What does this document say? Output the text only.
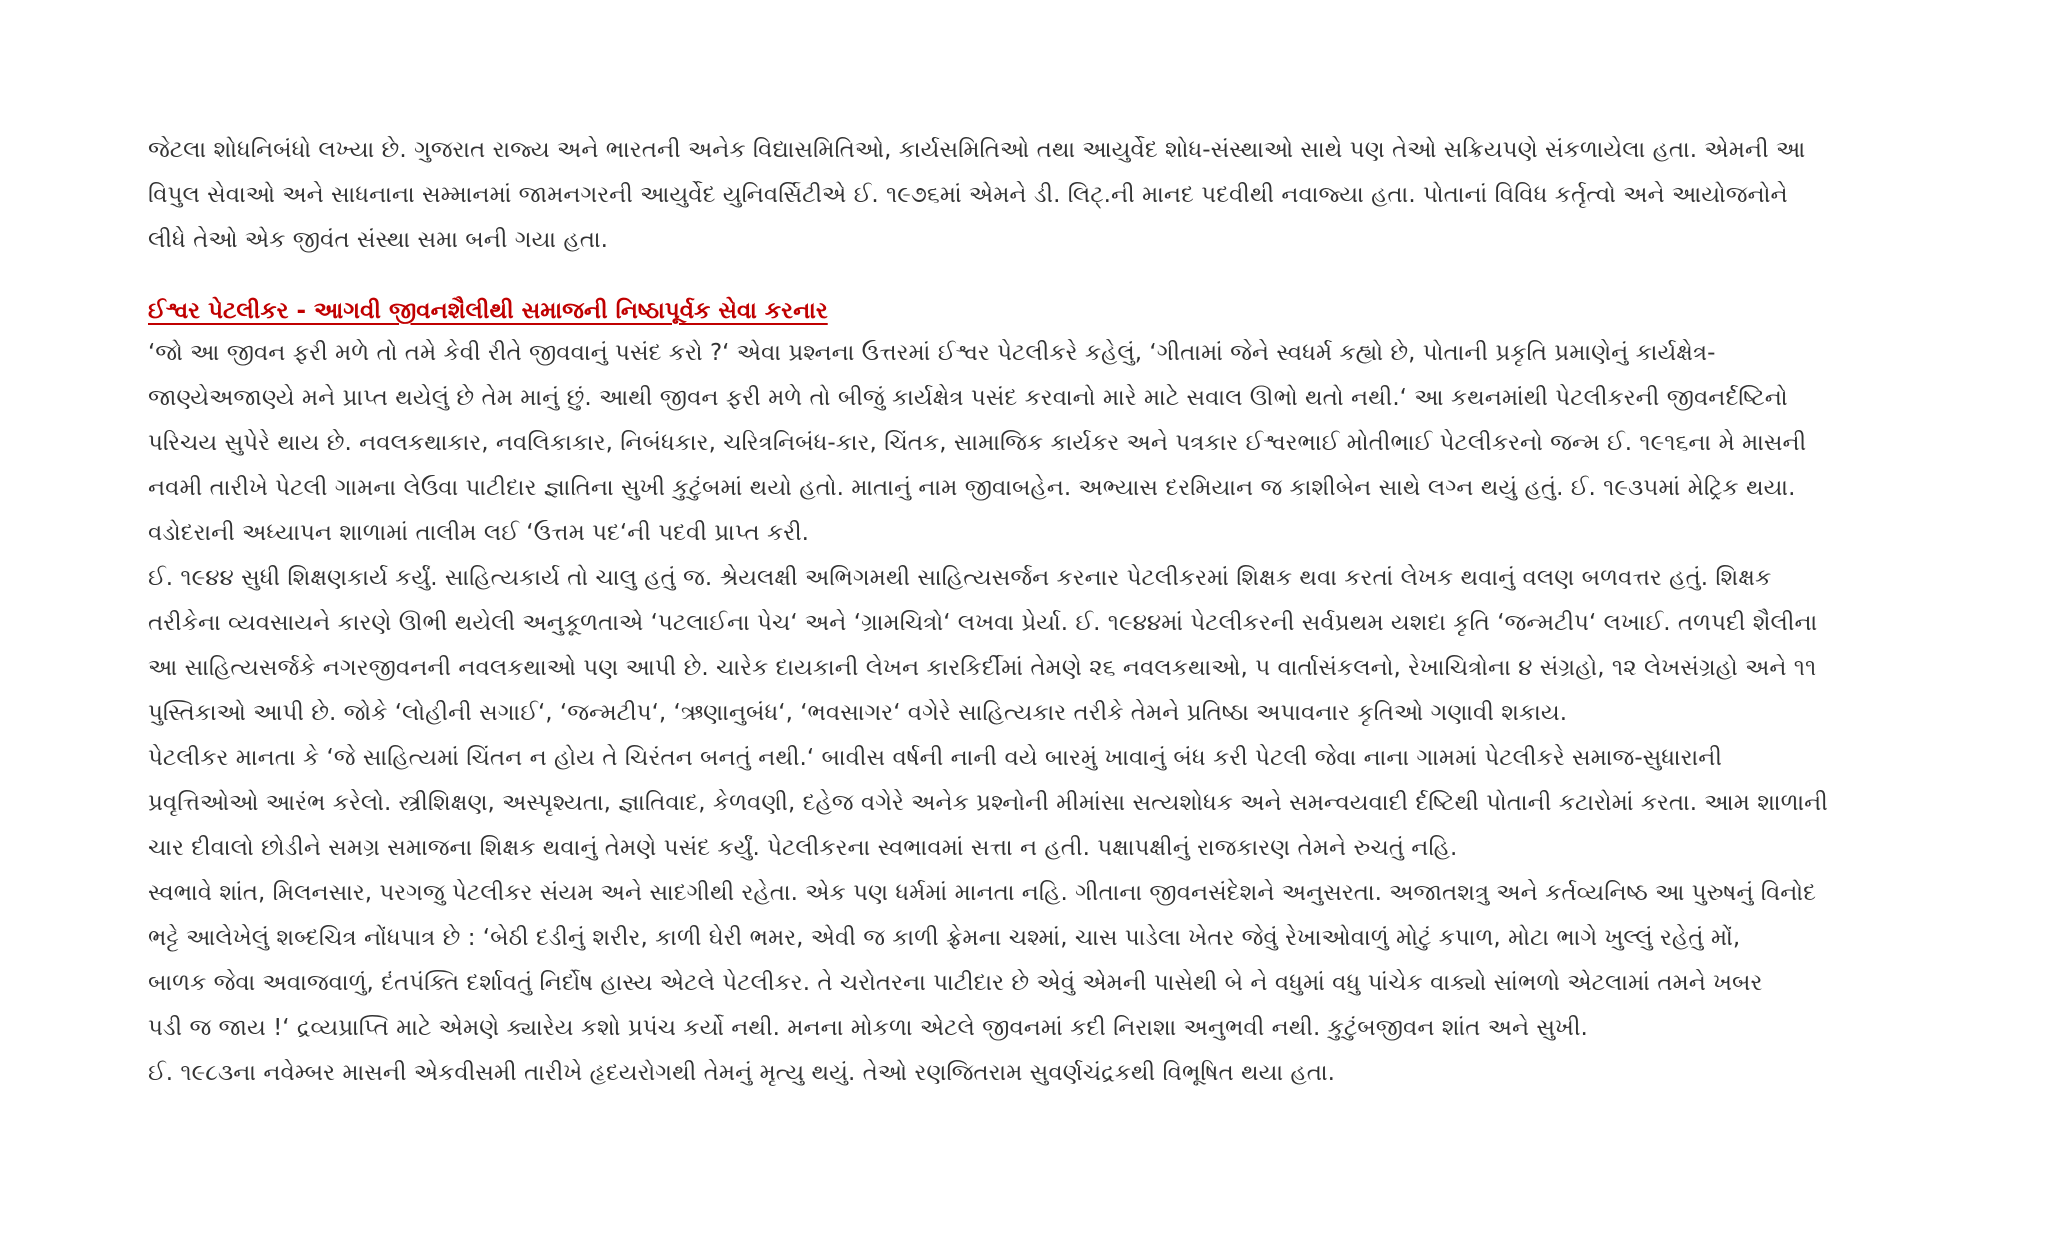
જેટલા શોધનિબંધો લખ્યા છે. ગુજરાત રાજ્ય અને ભારતની અનેક વિદ્યાસમિતિઓ, કાર્યસમિતિઓ તથા આયુર્વેદ શોધ-સંસ્થાઓ સાથે પણ તેઓ સક્રિયપણે સંકળાયેલા હતા. એમની આ
વિપુલ સેવાઓ અને સાધનાના સમ્માનમાં જામનગરની આયુર્વેદ યુનિવર્સિટીએ ઈ. ૧૯૭૬માં એમને ડી. લિટ્.ની માનદ પદવીથી નવાજ્યા હતા. પોતાનાં વિવિધ કર્તૃત્વો અને આયોજનોને
લીધે તેઓ એક જીવંત સંસ્થા સમા બની ગયા હતા.

ઈશ્વર પેટલીકર - આગવી જીવનશૈલીથી સમાજની નિષ્ઠાપૂર્વક સેવા કરનાર

‘જો આ જીવન ફરી મળે તો તમે કેવી રીતે જીવવાનું પસંદ કરો ?‘ એવા પ્રશ્નના ઉત્તરમાં ઈશ્વર પેટલીકરે કહેલું, ‘ગીતામાં જેને સ્વધર્મ કહ્યો છે, પોતાની પ્રકૃતિ પ્રમાણેનું કાર્યક્ષેત્ર-
જાણ્યેઅજાણ્યે મને પ્રાપ્ત થયેલું છે તેમ માનું છું. આથી જીવન ફરી મળે તો બીજું કાર્યક્ષેત્ર પસંદ કરવાનો મારે માટે સવાલ ઊભો થતો નથી.‘ આ કથનમાંથી પેટલીકરની જીવનર્દષ્ટિનો
પરિચય સુપેરે થાય છે. નવલકથાકાર, નવલિકાકાર, નિબંધકાર, ચરિત્રનિબંધ-કાર, ચિંતક, સામાજિક કાર્યકર અને પત્રકાર ઈશ્વરભાઈ મોતીભાઈ પેટલીકરનો જન્મ ઈ. ૧૯૧૬ના મે માસની
નવમી તારીખે પેટલી ગામના લેઉવા પાટીદાર જ્ઞાતિના સુખી કુટુંબમાં થયો હતો. માતાનું નામ જીવાબહેન. અભ્યાસ દરમિયાન જ કાશીબેન સાથે લગ્ન થયું હતું. ઈ. ૧૯૩૫માં મેટ્રિક થયા.
વડોદરાની અધ્યાપન શાળામાં તાલીમ લઈ ‘ઉત્તમ પદ‘ની પદવી પ્રાપ્ત કરી.

ઈ. ૧૯૪૪ સુધી શિક્ષણકાર્ય કર્યું. સાહિત્યકાર્ય તો ચાલુ હતું જ. શ્રેયલક્ષી અભિગમથી સાહિત્યસર્જન કરનાર પેટલીકરમાં શિક્ષક થવા કરતાં લેખક થવાનું વલણ બળવત્તર હતું. શિક્ષક
તરીકેના વ્યવસાયને કારણે ઊભી થયેલી અનુકૂળતાએ ‘પટલાઈના પેચ‘ અને ‘ગ્રામચિત્રો‘ લખવા પ્રેર્યા. ઈ. ૧૯૪૪માં પેટલીકરની સર્વપ્રથમ યશદા કૃતિ ‘જન્મટીપ‘ લખાઈ. તળપદી શૈલીના
આ સાહિત્યસર્જકે નગરજીવનની નવલકથાઓ પણ આપી છે. ચારેક દાયકાની લેખન કારકિર્દીમાં તેમણે ૨૬ નવલકથાઓ, ૫ વાર્તાસંકલનો, રેખાચિત્રોના ૪ સંગ્રહો, ૧૨ લેખસંગ્રહો અને ૧૧
પુસ્તિકાઓ આપી છે. જોકે ‘લોહીની સગાઈ‘, ‘જન્મટીપ‘, ‘ઋણાનુબંધ‘, ‘ભવસાગર‘ વગેરે સાહિત્યકાર તરીકે તેમને પ્રતિષ્ઠા અપાવનાર કૃતિઓ ગણાવી શકાય.

પેટલીકર માનતા કે ‘જે સાહિત્યમાં ચિંતન ન હોય તે ચિરંતન બનતું નથી.‘ બાવીસ વર્ષની નાની વયે બારમું ખાવાનું બંધ કરી પેટલી જેવા નાના ગામમાં પેટલીકરે સમાજ-સુધારાની
પ્રવૃત્તિઓઓ આરંભ કરેલો. સ્ત્રીશિક્ષણ, અસ્પૃશ્યતા, જ્ઞાતિવાદ, કેળવણી, દહેજ વગેરે અનેક પ્રશ્નોની મીમાંસા સત્યશોધક અને સમન્વયવાદી ર્દષ્ટિથી પોતાની કટારોમાં કરતા. આમ શાળાની
ચાર દીવાલો છોડીને સમગ્ર સમાજના શિક્ષક થવાનું તેમણે પસંદ કર્યું. પેટલીકરના સ્વભાવમાં સત્તા ન હતી. પક્ષાપક્ષીનું રાજકારણ તેમને રુચતું નહિ.

સ્વભાવે શાંત, મિલનસાર, પરગજુ પેટલીકર સંયમ અને સાદગીથી રહેતા. એક પણ ધર્મમાં માનતા નહિ. ગીતાના જીવનસંદેશને અનુસરતા. અજાતશત્રુ અને કર્તવ્યનિષ્ઠ આ પુરુષનું વિનોદ
ભટ્ટે આલેખેલું શબ્દચિત્ર નોંધપાત્ર છે : ‘બેઠી દડીનું શરીર, કાળી ઘેરી ભમર, એવી જ કાળી ફ્રેમના ચશ્માં, ચાસ પાડેલા ખેતર જેવું રેખાઓવાળું મોટું કપાળ, મોટા ભાગે ખુલ્લું રહેતું મોં,
બાળક જેવા અવાજવાળું, દંતપંક્તિ દર્શાવતું નિર્દોષ હાસ્ય એટલે પેટલીકર. તે ચરોતરના પાટીદાર છે એવું એમની પાસેથી બે ને વધુમાં વધુ પાંચેક વાક્યો સાંભળો એટલામાં તમને ખબર
પડી જ જાય !‘ દ્રવ્યપ્રાપ્તિ માટે એમણે ક્યારેય કશો પ્રપંચ કર્યો નથી. મનના મોકળા એટલે જીવનમાં કદી નિરાશા અનુભવી નથી. કુટુંબજીવન શાંત અને સુખી.

ઈ. ૧૯૮૩ના નવેમ્બર માસની એકવીસમી તારીખે હૃદયરોગથી તેમનું મૃત્યુ થયું. તેઓ રણજિતરામ સુવર્ણચંદ્રકથી વિભૂષિત થયા હતા.
